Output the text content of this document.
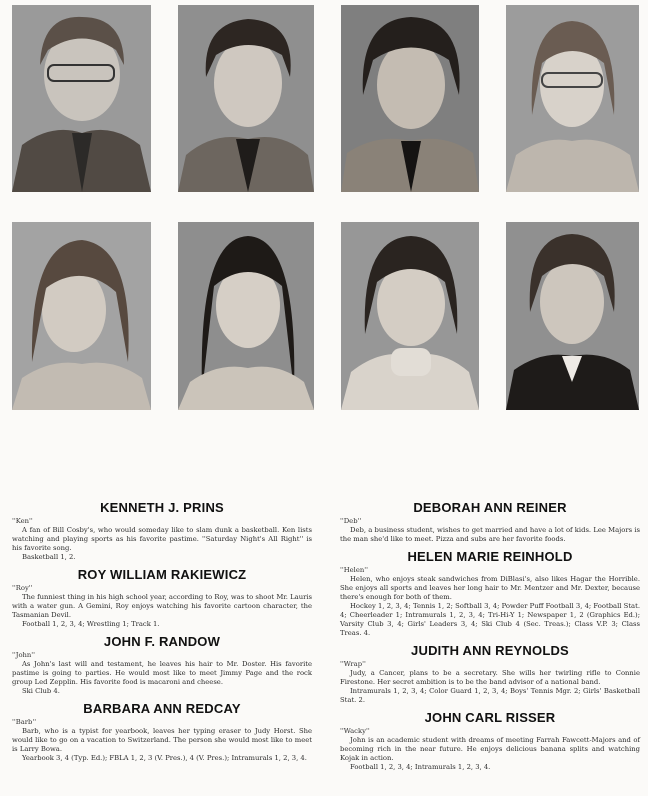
KENNETH J. PRINS

''Ken''

A fan of Bill Cosby's, who would someday like to slam dunk a basketball. Ken lists watching and playing sports as his favorite pastime. ''Saturday Night's All Right'' is his favorite song.

Basketball 1, 2.

ROY WILLIAM RAKIEWICZ

''Roy''

The funniest thing in his high school year, according to Roy, was to shoot Mr. Lauris with a water gun. A Gemini, Roy enjoys watching his favorite cartoon character, the Tasmanian Devil.

Football 1, 2, 3, 4; Wrestling 1; Track 1.

JOHN F. RANDOW

''John''

As John's last will and testament, he leaves his hair to Mr. Doster. His favorite pastime is going to parties. He would most like to meet Jimmy Page and the rock group Led Zepplin. His favorite food is macaroni and cheese.

Ski Club 4.

BARBARA ANN REDCAY

''Barb''

Barb, who is a typist for yearbook, leaves her typing eraser to Judy Horst. She would like to go on a vacation to Switzerland. The person she would most like to meet is Larry Bowa.

Yearbook 3, 4 (Typ. Ed.); FBLA 1, 2, 3 (V. Pres.), 4 (V. Pres.); Intramurals 1, 2, 3, 4.

DEBORAH ANN REINER

''Deb''

Deb, a business student, wishes to get married and have a lot of kids. Lee Majors is the man she'd like to meet. Pizza and subs are her favorite foods.

HELEN MARIE REINHOLD

''Helen''

Helen, who enjoys steak sandwiches from DiBlasi's, also likes Hagar the Horrible. She enjoys all sports and leaves her long hair to Mr. Mentzer and Mr. Dexter, because there's enough for both of them.

Hockey 1, 2, 3, 4; Tennis 1, 2; Softball 3, 4; Powder Puff Football 3, 4; Football Stat. 4; Cheerleader 1; Intramurals 1, 2, 3, 4; Tri-Hi-Y 1; Newspaper 1, 2 (Graphics Ed.); Varsity Club 3, 4; Girls' Leaders 3, 4; Ski Club 4 (Sec. Treas.); Class V.P. 3; Class Treas. 4.

JUDITH ANN REYNOLDS

''Wrap''

Judy, a Cancer, plans to be a secretary. She wills her twirling rifle to Connie Firestone. Her secret ambition is to be the band advisor of a national band.

Intramurals 1, 2, 3, 4; Color Guard 1, 2, 3, 4; Boys' Tennis Mgr. 2; Girls' Basketball Stat. 2.

JOHN CARL RISSER

''Wacky''

John is an academic student with dreams of meeting Farrah Fawcett-Majors and of becoming rich in the near future. He enjoys delicious banana splits and watching Kojak in action.

Football 1, 2, 3, 4; Intramurals 1, 2, 3, 4.
